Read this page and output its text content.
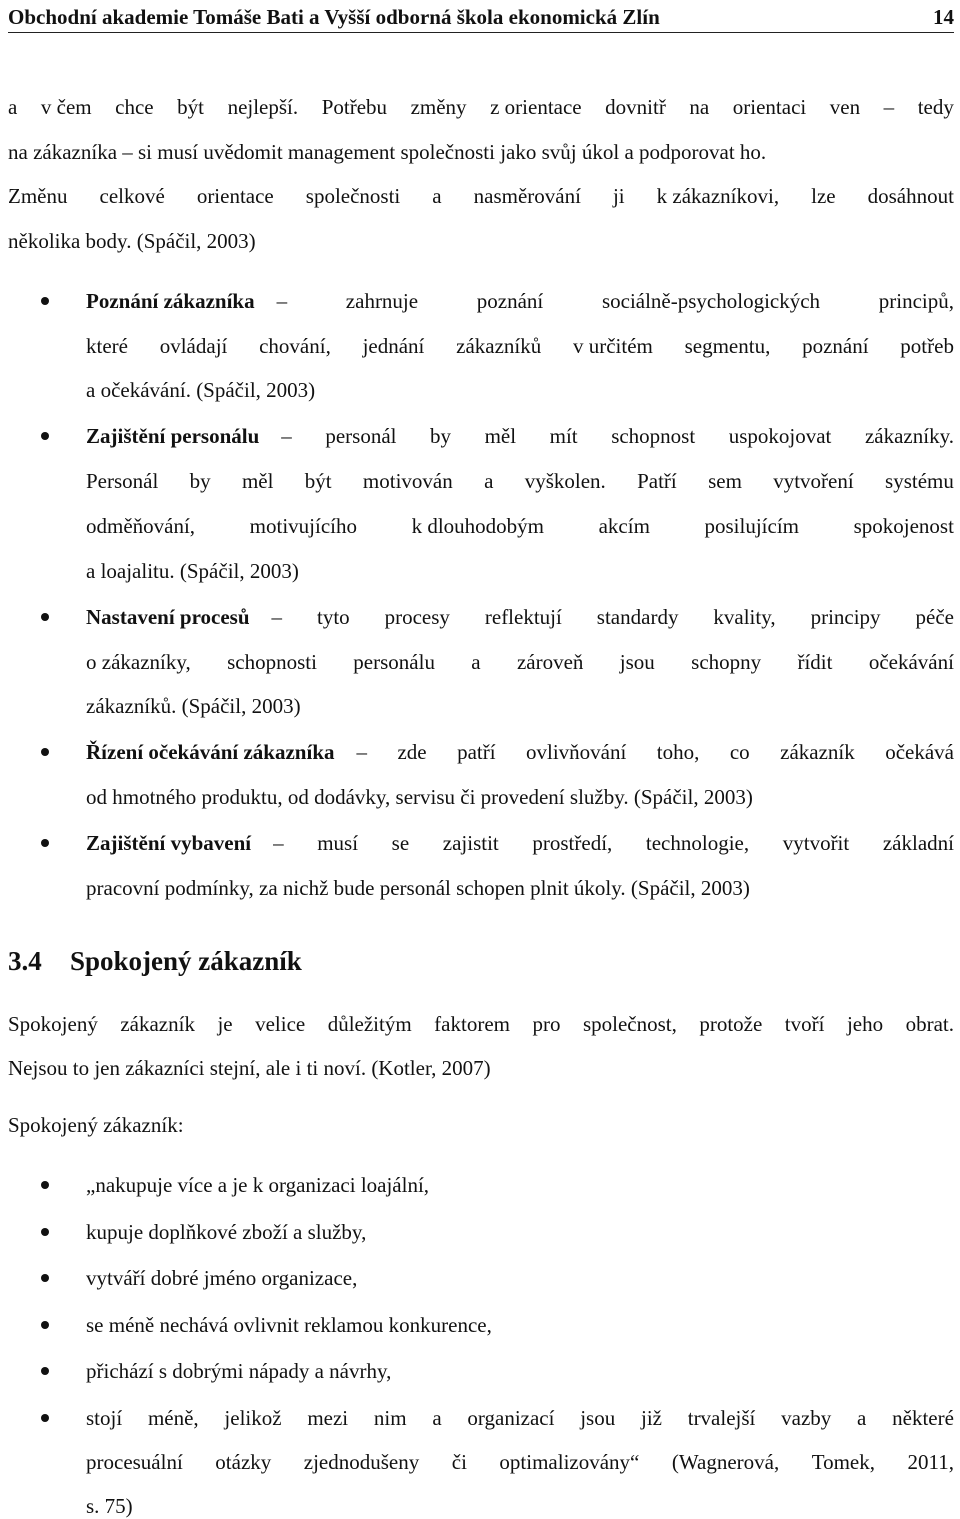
Obchodní akademie Tomáše Bati a Vyšší odborná škola ekonomická Zlín	14
a v čem chce být nejlepší. Potřebu změny z orientace dovnitř na orientaci ven – tedy
na zákazníka – si musí uvědomit management společnosti jako svůj úkol a podporovat ho.
Změnu celkové orientace společnosti a nasměrování ji k zákazníkovi, lze dosáhnout
několika body. (Spáčil, 2003)
Poznání zákazníka –	zahrnuje	poznání	sociálně-psychologických	principů,
které ovládají chování, jednání zákazníků v určitém segmentu, poznání potřeb
a očekávání. (Spáčil, 2003)
Zajištění personálu – personál by měl mít schopnost uspokojovat zákazníky.
Personál by měl být motivován a vyškolen. Patří sem vytvoření systému
odměňování,	motivujícího	k dlouhodobým	akcím	posilujícím	spokojenost
a loajalitu. (Spáčil, 2003)
Nastavení procesů – tyto procesy reflektují standardy kvality, principy péče
o zákazníky, schopnosti personálu a zároveň jsou schopny řídit očekávání
zákazníků. (Spáčil, 2003)
Řízení očekávání zákazníka – zde patří ovlivňování toho, co zákazník očekává
od hmotného produktu, od dodávky, servisu či provedení služby. (Spáčil, 2003)
Zajištění vybavení – musí se zajistit prostředí, technologie, vytvořit základní
pracovní podmínky, za nichž bude personál schopen plnit úkoly. (Spáčil, 2003)
3.4 Spokojený zákazník
Spokojený zákazník je velice důležitým faktorem pro společnost, protože tvoří jeho obrat.
Nejsou to jen zákazníci stejní, ale i ti noví. (Kotler, 2007)
Spokojený zákazník:
„nakupuje více a je k organizaci loajální,
kupuje doplňkové zboží a služby,
vytváří dobré jméno organizace,
se méně nechává ovlivnit reklamou konkurence,
přichází s dobrými nápady a návrhy,
stojí méně, jelikož mezi nim a organizací jsou již trvalejší vazby a některé
procesuální otázky zjednodušeny či optimalizovány“ (Wagnerová, Tomek, 2011,
s. 75)
